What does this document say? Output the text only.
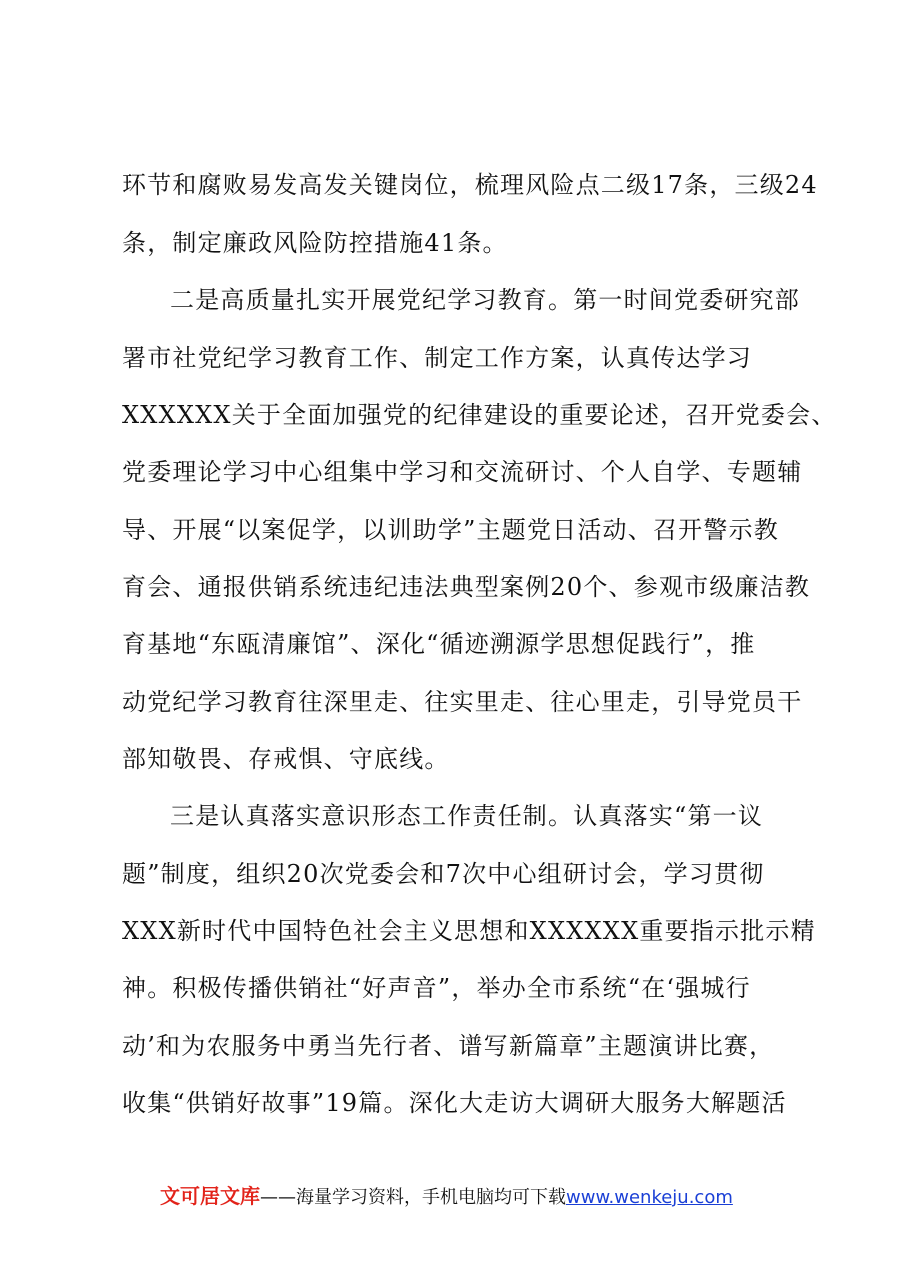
环节和腐败易发高发关键岗位，梳理风险点二级17条，三级24
条，制定廉政风险防控措施41条。
二是高质量扎实开展党纪学习教育。第一时间党委研究部
署市社党纪学习教育工作、制定工作方案，认真传达学习
XXXXXX关于全面加强党的纪律建设的重要论述，召开党委会、
党委理论学习中心组集中学习和交流研讨、个人自学、专题辅
导、开展“以案促学，以训助学”主题党日活动、召开警示教
育会、通报供销系统违纪违法典型案例20个、参观市级廉洁教
育基地“东瓯清廉馆”、深化“循迹溯源学思想促践行”，推
动党纪学习教育往深里走、往实里走、往心里走，引导党员干
部知敬畏、存戒惧、守底线。
三是认真落实意识形态工作责任制。认真落实“第一议
题”制度，组织20次党委会和7次中心组研讨会，学习贯彻
XXX新时代中国特色社会主义思想和XXXXXX重要指示批示精
神。积极传播供销社“好声音”，举办全市系统“在‘强城行
动’和为农服务中勇当先行者、谱写新篇章”主题演讲比赛，
收集“供销好故事”19篇。深化大走访大调研大服务大解题活
文可居文库——海量学习资料，手机电脑均可下载www.wenkeju.com
